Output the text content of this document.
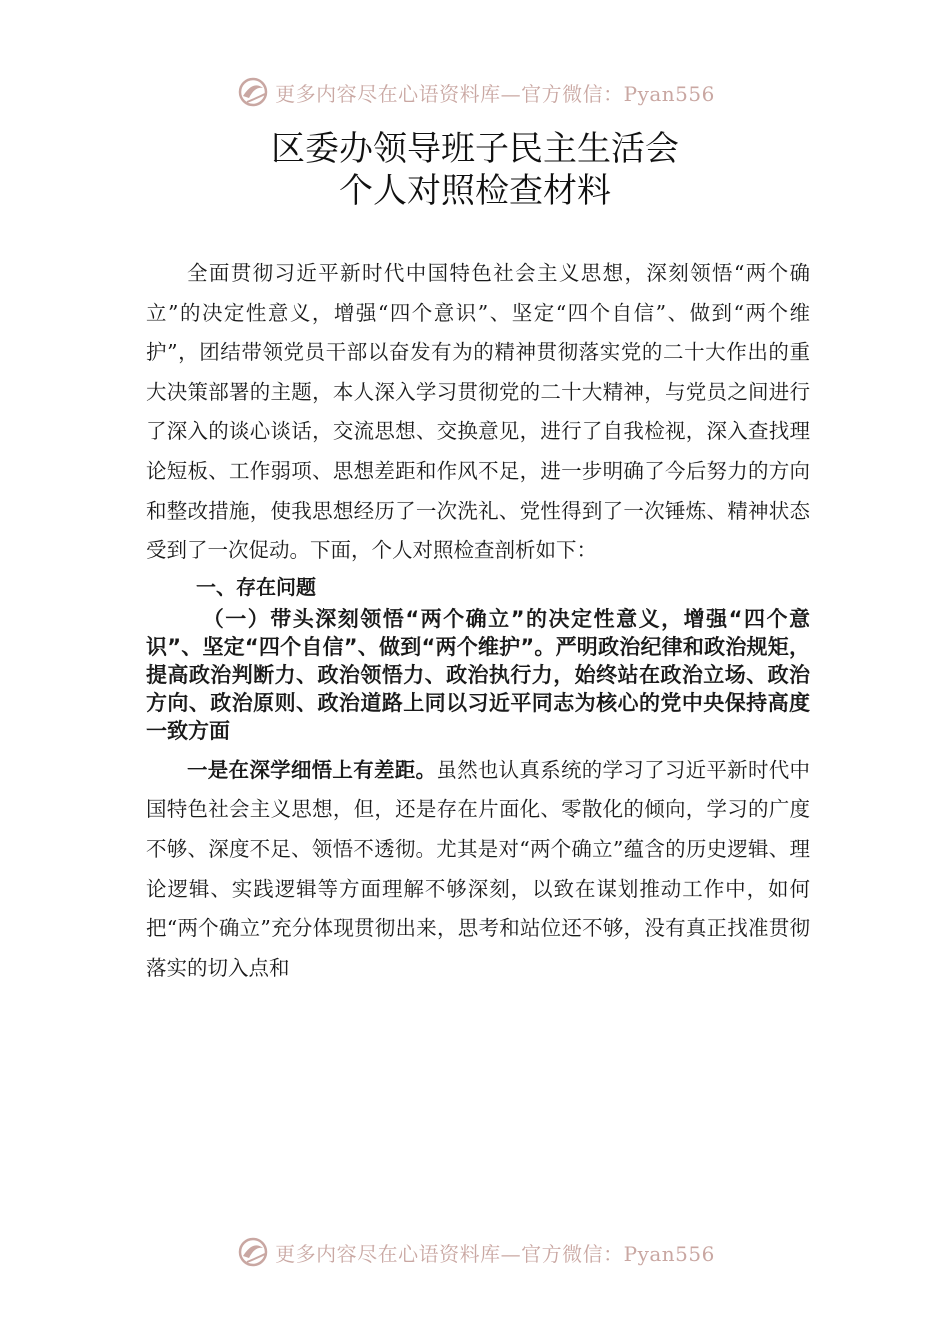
更多内容尽在心语资料库—官方微信：Pyan556
区委办领导班子民主生活会
个人对照检查材料

全面贯彻习近平新时代中国特色社会主义思想，深刻领悟“两个确立”的决定性意义，增强“四个意识”、坚定“四个自信”、做到“两个维护”，团结带领党员干部以奋发有为的精神贯彻落实党的二十大作出的重大决策部署的主题，本人深入学习贯彻党的二十大精神，与党员之间进行了深入的谈心谈话，交流思想、交换意见，进行了自我检视，深入查找理论短板、工作弱项、思想差距和作风不足，进一步明确了今后努力的方向和整改措施，使我思想经历了一次洗礼、党性得到了一次锤炼、精神状态受到了一次促动。下面，个人对照检查剖析如下：

一、存在问题

（一）带头深刻领悟“两个确立”的决定性意义，增强“四个意识”、坚定“四个自信”、做到“两个维护”。严明政治纪律和政治规矩，提高政治判断力、政治领悟力、政治执行力，始终站在政治立场、政治方向、政治原则、政治道路上同以习近平同志为核心的党中央保持高度一致方面

一是在深学细悟上有差距。虽然也认真系统的学习了习近平新时代中国特色社会主义思想，但，还是存在片面化、零散化的倾向，学习的广度不够、深度不足、领悟不透彻。尤其是对“两个确立”蕴含的历史逻辑、理论逻辑、实践逻辑等方面理解不够深刻，以致在谋划推动工作中，如何把“两个确立”充分体现贯彻出来，思考和站位还不够，没有真正找准贯彻落实的切入点和

更多内容尽在心语资料库—官方微信：Pyan556
